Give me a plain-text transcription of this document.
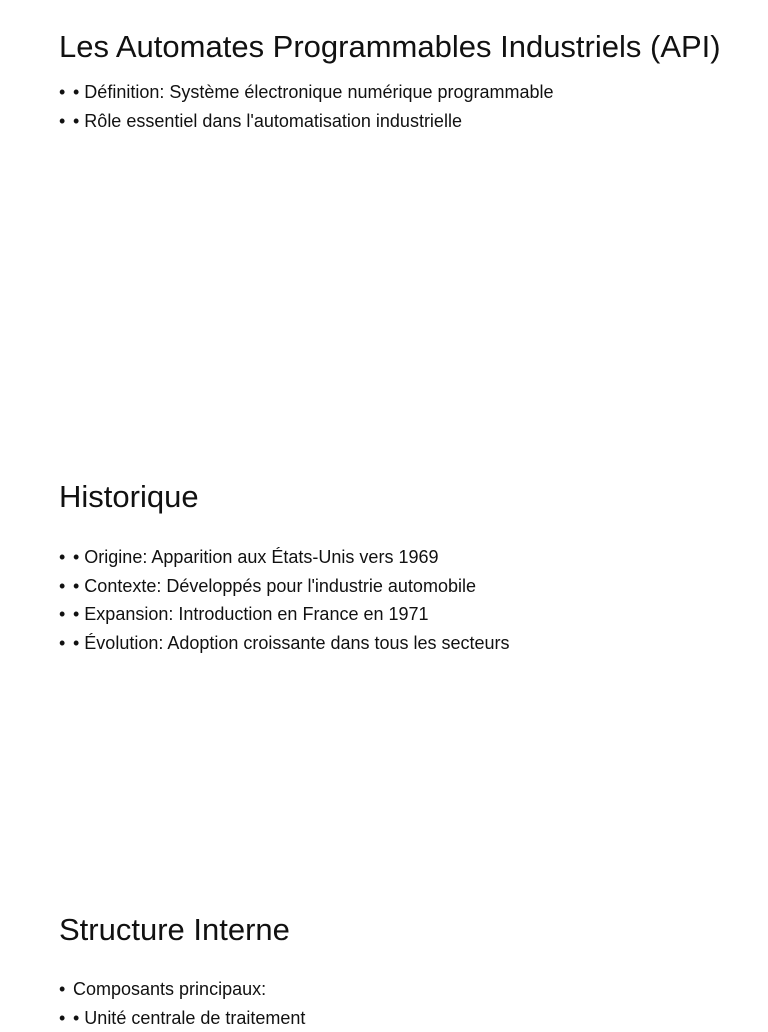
Les Automates Programmables Industriels (API)
• • Définition: Système électronique numérique programmable
• • Rôle essentiel dans l'automatisation industrielle
Historique
• • Origine: Apparition aux États-Unis vers 1969
• • Contexte: Développés pour l'industrie automobile
• • Expansion: Introduction en France en 1971
• • Évolution: Adoption croissante dans tous les secteurs
Structure Interne
• Composants principaux:
• • Unité centrale de traitement
